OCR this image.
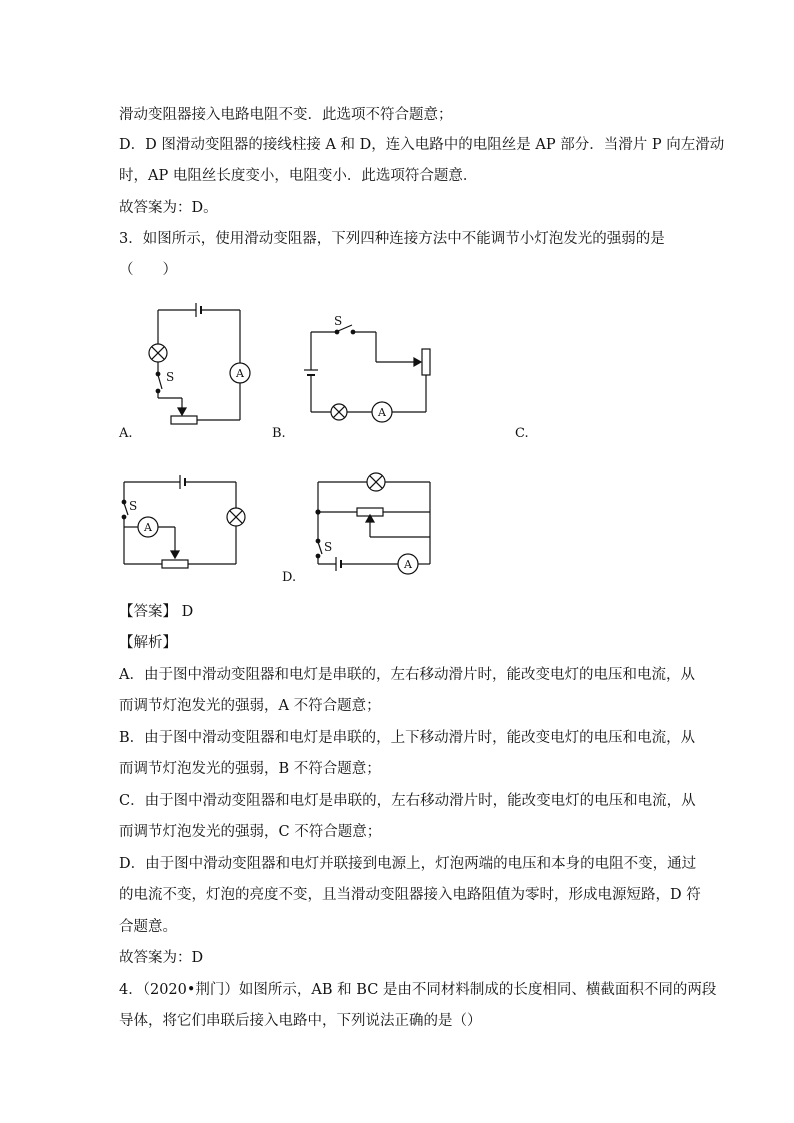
滑动变阻器接入电路电阻不变．此选项不符合题意；
D．D 图滑动变阻器的接线柱接 A 和 D，连入电路中的电阻丝是 AP 部分．当滑片 P 向左滑动
时，AP 电阻丝长度变小，电阻变小．此选项符合题意．
故答案为：D。
3．如图所示，使用滑动变阻器，下列四种连接方法中不能调节小灯泡发光的强弱的是
（　　）
S
S
S
S
A
A
A
A
A.	B.	C.
D.
【答案】 D
【解析】
A．由于图中滑动变阻器和电灯是串联的，左右移动滑片时，能改变电灯的电压和电流，从
而调节灯泡发光的强弱，A 不符合题意；
B．由于图中滑动变阻器和电灯是串联的，上下移动滑片时，能改变电灯的电压和电流，从
而调节灯泡发光的强弱，B 不符合题意；
C．由于图中滑动变阻器和电灯是串联的，左右移动滑片时，能改变电灯的电压和电流，从
而调节灯泡发光的强弱，C 不符合题意；
D．由于图中滑动变阻器和电灯并联接到电源上，灯泡两端的电压和本身的电阻不变，通过
的电流不变，灯泡的亮度不变，且当滑动变阻器接入电路阻值为零时，形成电源短路，D 符
合题意。
故答案为：D
4．（2020•荆门）如图所示，AB 和 BC 是由不同材料制成的长度相同、横截面积不同的两段
导体，将它们串联后接入电路中，下列说法正确的是（）
